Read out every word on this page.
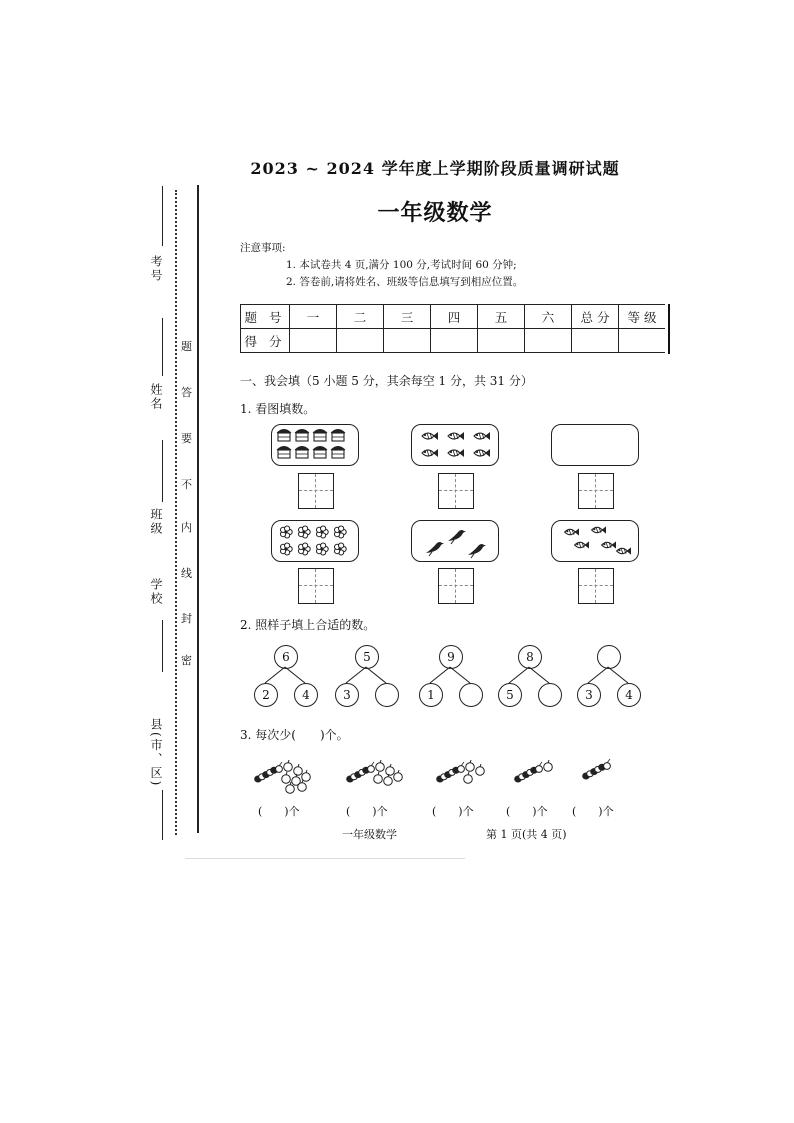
考号
姓名
班级
学校
县(市、区)
密
封
线
内
不
要
答
题
2023 ~ 2024 学年度上学期阶段质量调研试题
一年级数学
注意事项:
1. 本试卷共 4 页,满分 100 分,考试时间 60 分钟;
2. 答卷前,请将姓名、班级等信息填写到相应位置。
题 号	一	二	三	四	五	六	总 分	等 级
得 分								
一、我会填（5 小题 5 分，其余每空 1 分，共 31 分）
1. 看图填数。
2. 照样子填上合适的数。
6
2	4
5
3
9
1
8
5	3	4
3. 每次少(　　)个。
(　　)个	(　　)个	(　　)个	(　　)个 (　　)个
一年级数学	第 1 页(共 4 页)
